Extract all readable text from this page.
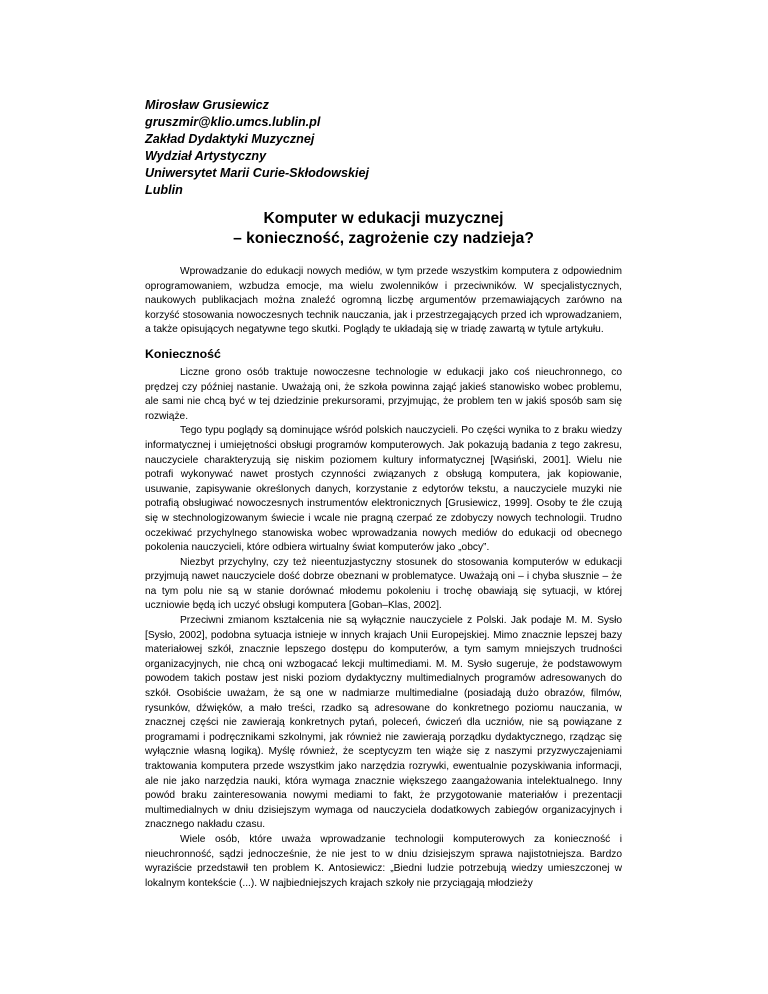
Mirosław Grusiewicz
gruszmir@klio.umcs.lublin.pl
Zakład Dydaktyki Muzycznej
Wydział Artystyczny
Uniwersytet Marii Curie-Skłodowskiej
Lublin
Komputer w edukacji muzycznej
– konieczność, zagrożenie czy nadzieja?

Wprowadzanie do edukacji nowych mediów, w tym przede wszystkim komputera z odpowiednim oprogramowaniem, wzbudza emocje, ma wielu zwolenników i przeciwników. W specjalistycznych, naukowych publikacjach można znaleźć ogromną liczbę argumentów przemawiających zarówno na korzyść stosowania nowoczesnych technik nauczania, jak i przestrzegających przed ich wprowadzaniem, a także opisujących negatywne tego skutki. Poglądy te układają się w triadę zawartą w tytule artykułu.

Konieczność

Liczne grono osób traktuje nowoczesne technologie w edukacji jako coś nieuchronnego, co prędzej czy później nastanie. Uważają oni, że szkoła powinna zająć jakieś stanowisko wobec problemu, ale sami nie chcą być w tej dziedzinie prekursorami, przyjmując, że problem ten w jakiś sposób sam się rozwiąże.

Tego typu poglądy są dominujące wśród polskich nauczycieli. Po części wynika to z braku wiedzy informatycznej i umiejętności obsługi programów komputerowych. Jak pokazują badania z tego zakresu, nauczyciele charakteryzują się niskim poziomem kultury informatycznej [Wąsiński, 2001]. Wielu nie potrafi wykonywać nawet prostych czynności związanych z obsługą komputera, jak kopiowanie, usuwanie, zapisywanie określonych danych, korzystanie z edytorów tekstu, a nauczyciele muzyki nie potrafią obsługiwać nowoczesnych instrumentów elektronicznych [Grusiewicz, 1999]. Osoby te źle czują się w stechnologizowanym świecie i wcale nie pragną czerpać ze zdobyczy nowych technologii. Trudno oczekiwać przychylnego stanowiska wobec wprowadzania nowych mediów do edukacji od obecnego pokolenia nauczycieli, które odbiera wirtualny świat komputerów jako „obcy”.

Niezbyt przychylny, czy też nieentuzjastyczny stosunek do stosowania komputerów w edukacji przyjmują nawet nauczyciele dość dobrze obeznani w problematyce. Uważają oni – i chyba słusznie – że na tym polu nie są w stanie dorównać młodemu pokoleniu i trochę obawiają się sytuacji, w której uczniowie będą ich uczyć obsługi komputera [Goban–Klas, 2002].

Przeciwni zmianom kształcenia nie są wyłącznie nauczyciele z Polski. Jak podaje M. M. Sysło [Sysło, 2002], podobna sytuacja istnieje w innych krajach Unii Europejskiej. Mimo znacznie lepszej bazy materiałowej szkół, znacznie lepszego dostępu do komputerów, a tym samym mniejszych trudności organizacyjnych, nie chcą oni wzbogacać lekcji multimediami. M. M. Sysło sugeruje, że podstawowym powodem takich postaw jest niski poziom dydaktyczny multimedialnych programów adresowanych do szkół. Osobiście uważam, że są one w nadmiarze multimedialne (posiadają dużo obrazów, filmów, rysunków, dźwięków, a mało treści, rzadko są adresowane do konkretnego poziomu nauczania, w znacznej części nie zawierają konkretnych pytań, poleceń, ćwiczeń dla uczniów, nie są powiązane z programami i podręcznikami szkolnymi, jak również nie zawierają porządku dydaktycznego, rządząc się wyłącznie własną logiką). Myślę również, że sceptycyzm ten wiąże się z naszymi przyzwyczajeniami traktowania komputera przede wszystkim jako narzędzia rozrywki, ewentualnie pozyskiwania informacji, ale nie jako narzędzia nauki, która wymaga znacznie większego zaangażowania intelektualnego. Inny powód braku zainteresowania nowymi mediami to fakt, że przygotowanie materiałów i prezentacji multimedialnych w dniu dzisiejszym wymaga od nauczyciela dodatkowych zabiegów organizacyjnych i znacznego nakładu czasu.

Wiele osób, które uważa wprowadzanie technologii komputerowych za konieczność i nieuchronność, sądzi jednocześnie, że nie jest to w dniu dzisiejszym sprawa najistotniejsza. Bardzo wyraziście przedstawił ten problem K. Antosiewicz: „Biedni ludzie potrzebują wiedzy umieszczonej w lokalnym kontekście (...). W najbiedniejszych krajach szkoły nie przyciągają młodzieży
